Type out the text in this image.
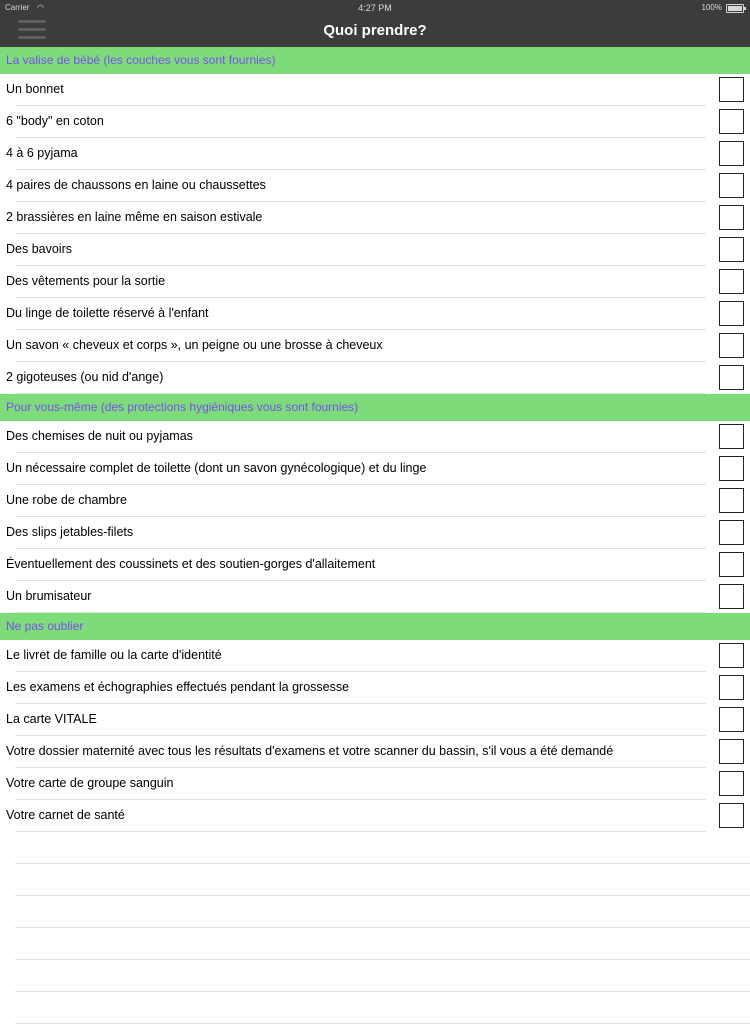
Carrier ◠	4:27 PM	100%
Quoi prendre?
La valise de bébé (les couches vous sont fournies)
Un bonnet
6 "body" en coton
4 à 6 pyjama
4 paires de chaussons en laine ou chaussettes
2 brassières en laine même en saison estivale
Des bavoirs
Des vêtements pour la sortie
Du linge de toilette réservé à l'enfant
Un savon « cheveux et corps », un peigne ou une brosse à cheveux
2 gigoteuses (ou nid d'ange)
Pour vous-même (des protections hygiéniques vous sont fournies)
Des chemises de nuit ou pyjamas
Un nécessaire complet de toilette (dont un savon gynécologique) et du linge
Une robe de chambre
Des slips jetables-filets
Éventuellement des coussinets et des soutien-gorges d'allaitement
Un brumisateur
Ne pas oublier
Le livret de famille ou la carte d'identité
Les examens et échographies effectués pendant la grossesse
La carte VITALE
Votre dossier maternité avec tous les résultats d'examens et votre scanner du bassin, s'il vous a été demandé
Votre carte de groupe sanguin
Votre carnet de santé
